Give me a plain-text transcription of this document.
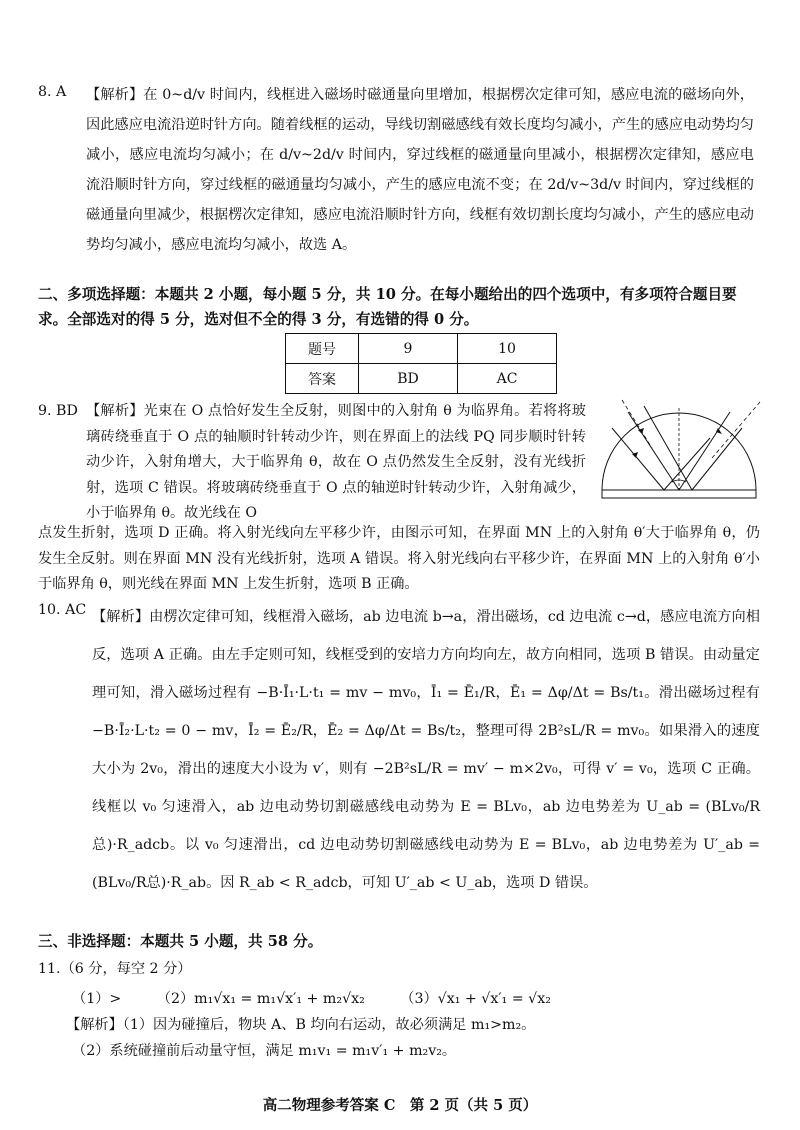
8. A 【解析】在 0~d/v 时间内，线框进入磁场时磁通量向里增加，根据楞次定律可知，感应电流的磁场向外，因此感应电流沿逆时针方向。随着线框的运动，导线切割磁感线有效长度均匀减小，产生的感应电动势均匀减小，感应电流均匀减小；在 d/v~2d/v 时间内，穿过线框的磁通量向里减小，根据楞次定律知，感应电流沿顺时针方向，穿过线框的磁通量均匀减小，产生的感应电流不变；在 2d/v~3d/v 时间内，穿过线框的磁通量向里减少，根据楞次定律知，感应电流沿顺时针方向，线框有效切割长度均匀减小，产生的感应电动势均匀减小，感应电流均匀减小，故选 A。
二、多项选择题：本题共 2 小题，每小题 5 分，共 10 分。在每小题给出的四个选项中，有多项符合题目要求。全部选对的得 5 分，选对但不全的得 3 分，有选错的得 0 分。
题号	9	10
答案	BD	AC
9. BD 【解析】光束在 O 点恰好发生全反射，则图中的入射角 θ 为临界角。若将将玻璃砖绕垂直于 O 点的轴顺时针转动少许，则在界面上的法线 PQ 同步顺时针转动少许，入射角增大，大于临界角 θ，故在 O 点仍然发生全反射，没有光线折射，选项 C 错误。将玻璃砖绕垂直于 O 点的轴逆时针转动少许，入射角减少，小于临界角 θ。故光线在 O
点发生折射，选项 D 正确。将入射光线向左平移少许，由图示可知，在界面 MN 上的入射角 θ′大于临界角 θ，仍发生全反射。则在界面 MN 没有光线折射，选项 A 错误。将入射光线向右平移少许，在界面 MN 上的入射角 θ′小于临界角 θ，则光线在界面 MN 上发生折射，选项 B 正确。
10. AC 【解析】由楞次定律可知，线框滑入磁场，ab 边电流 b→a，滑出磁场，cd 边电流 c→d，感应电流方向相反，选项 A 正确。由左手定则可知，线框受到的安培力方向均向左，故方向相同，选项 B 错误。由动量定理可知，滑入磁场过程有 −B·Ī₁·L·t₁ = mv − mv₀，Ī₁ = Ē₁/R，Ē₁ = Δφ/Δt = Bs/t₁。滑出磁场过程有 −B·Ī₂·L·t₂ = 0 − mv，Ī₂ = Ē₂/R，Ē₂ = Δφ/Δt = Bs/t₂，整理可得 2B²sL/R = mv₀。如果滑入的速度大小为 2v₀，滑出的速度大小设为 v′，则有 −2B²sL/R = mv′ − m×2v₀，可得 v′ = v₀，选项 C 正确。线框以 v₀ 匀速滑入，ab 边电动势切割磁感线电动势为 E = BLv₀，ab 边电势差为 U_ab = (BLv₀/R总)·R_adcb。以 v₀ 匀速滑出，cd 边电动势切割磁感线电动势为 E = BLv₀，ab 边电势差为 U′_ab = (BLv₀/R总)·R_ab。因 R_ab < R_adcb，可知 U′_ab < U_ab，选项 D 错误。
三、非选择题：本题共 5 小题，共 58 分。
11.（6 分，每空 2 分）
（1）>　　　（2）m₁√x₁ = m₁√x′₁ + m₂√x₂　　　（3）√x₁ + √x′₁ = √x₂
【解析】（1）因为碰撞后，物块 A、B 均向右运动，故必须满足 m₁>m₂。
（2）系统碰撞前后动量守恒，满足 m₁v₁ = m₁v′₁ + m₂v₂。
高二物理参考答案 C　第 2 页（共 5 页）
